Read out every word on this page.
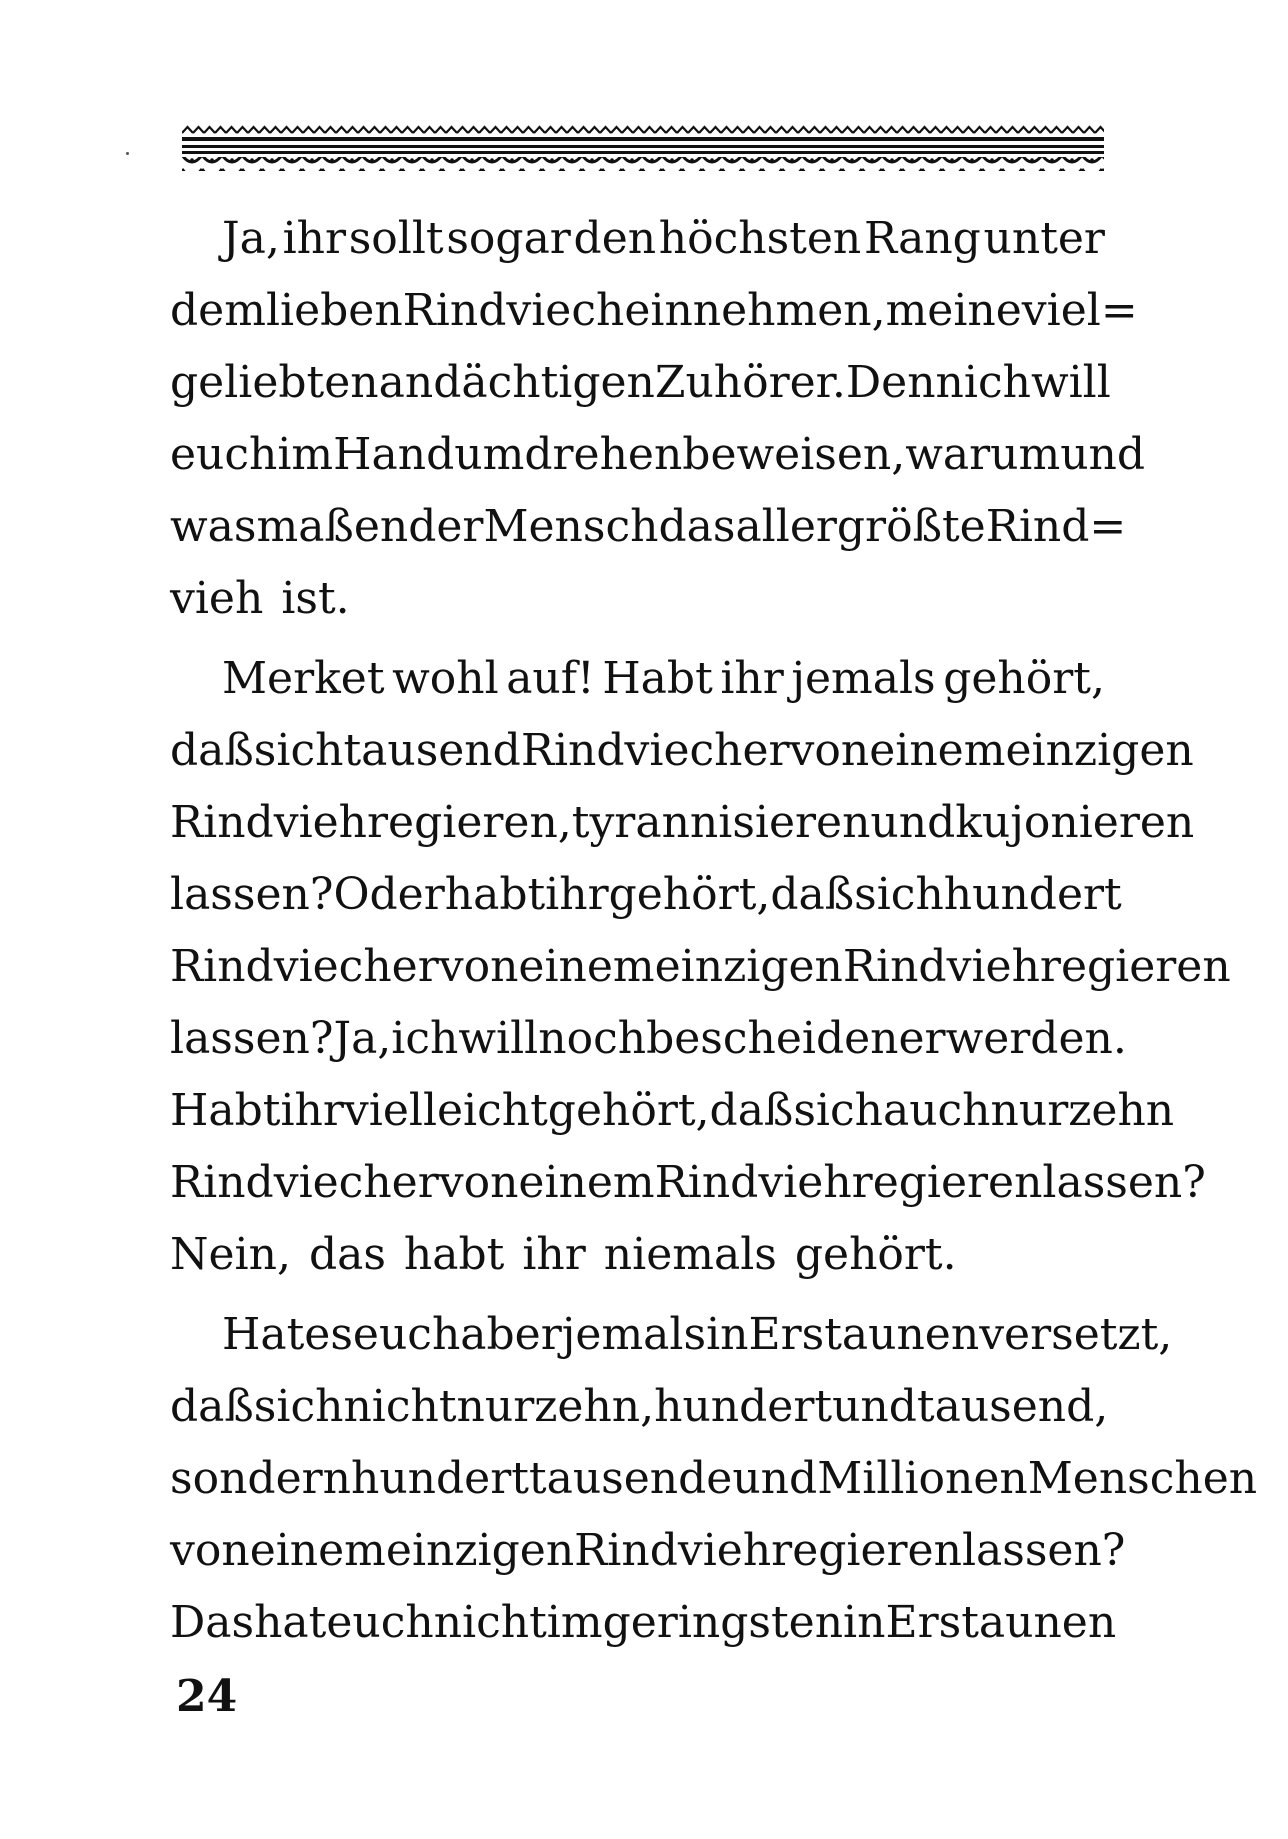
Ja, ihr sollt sogar den höchsten Rang unter
dem lieben Rindviech einnehmen, meine viel=
geliebten andächtigen Zuhörer. Denn ich will
euch im Handumdrehen beweisen, warum und
wasmaßen der Mensch das allergrößte Rind=
vieh ist.
Merket wohl auf! Habt ihr jemals gehört,
daß sich tausend Rindviecher von einem einzigen
Rindvieh regieren, tyrannisieren und kujonieren
lassen? Oder habt ihr gehört, daß sich hundert
Rindviecher von einem einzigen Rindvieh regieren
lassen? Ja, ich will noch bescheidener werden.
Habt ihr vielleicht gehört, daß sich auch nur zehn
Rindviecher von einem Rindvieh regieren lassen?
Nein, das habt ihr niemals gehört.
Hat es euch aber jemals in Erstaunen versetzt,
daß sich nicht nur zehn, hundert und tausend,
sondern hunderttausende und Millionen Menschen
von einem einzigen Rindvieh regieren lassen?
Das hat euch nicht im geringsten in Erstaunen
24
